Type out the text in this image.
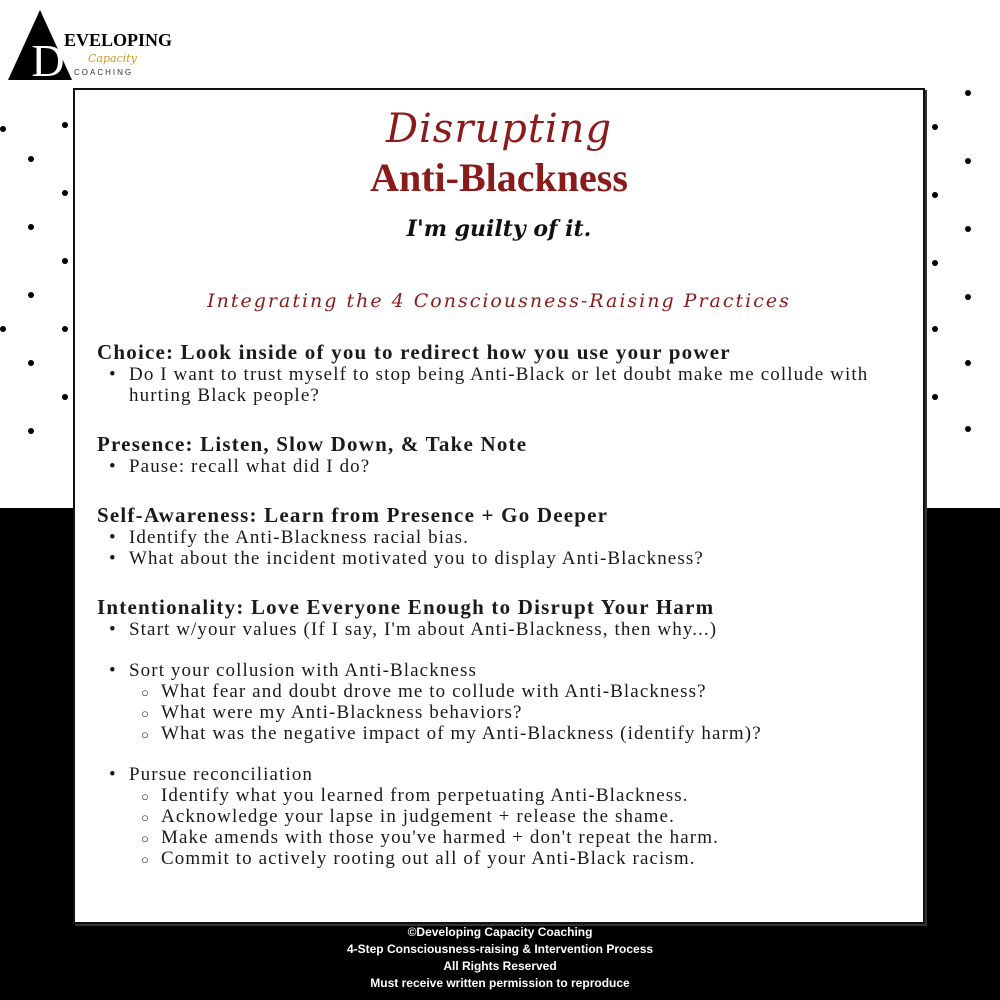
D EVELOPING
Capacity
COACHING
Disrupting
Anti-Blackness
I'm guilty of it.
Integrating the 4 Consciousness-Raising Practices
Choice: Look inside of you to redirect how you use your power
• Do I want to trust myself to stop being Anti-Black or let doubt make me collude with hurting Black people?
Presence: Listen, Slow Down, & Take Note
• Pause: recall what did I do?
Self-Awareness: Learn from Presence + Go Deeper
• Identify the Anti-Blackness racial bias.
• What about the incident motivated you to display Anti-Blackness?
Intentionality: Love Everyone Enough to Disrupt Your Harm
• Start w/your values (If I say, I'm about Anti-Blackness, then why...)
• Sort your collusion with Anti-Blackness
○ What fear and doubt drove me to collude with Anti-Blackness?
○ What were my Anti-Blackness behaviors?
○ What was the negative impact of my Anti-Blackness (identify harm)?
• Pursue reconciliation
○ Identify what you learned from perpetuating Anti-Blackness.
○ Acknowledge your lapse in judgement + release the shame.
○ Make amends with those you've harmed + don't repeat the harm.
○ Commit to actively rooting out all of your Anti-Black racism.
©Developing Capacity Coaching
4-Step Consciousness-raising & Intervention Process
All Rights Reserved
Must receive written permission to reproduce
